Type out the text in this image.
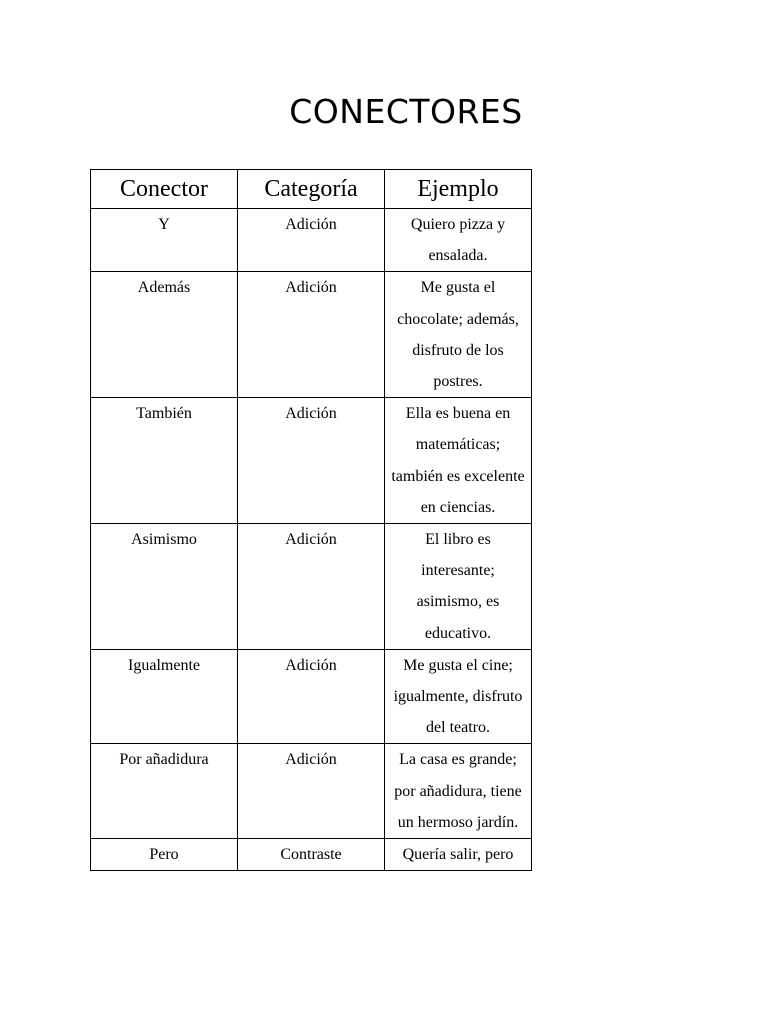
CONECTORES
Conector	Categoría	Ejemplo
Y	Adición	Quiero pizza y ensalada.
Además	Adición	Me gusta el chocolate; además, disfruto de los postres.
También	Adición	Ella es buena en matemáticas; también es excelente en ciencias.
Asimismo	Adición	El libro es interesante; asimismo, es educativo.
Igualmente	Adición	Me gusta el cine; igualmente, disfruto del teatro.
Por añadidura	Adición	La casa es grande; por añadidura, tiene un hermoso jardín.
Pero	Contraste	Quería salir, pero
